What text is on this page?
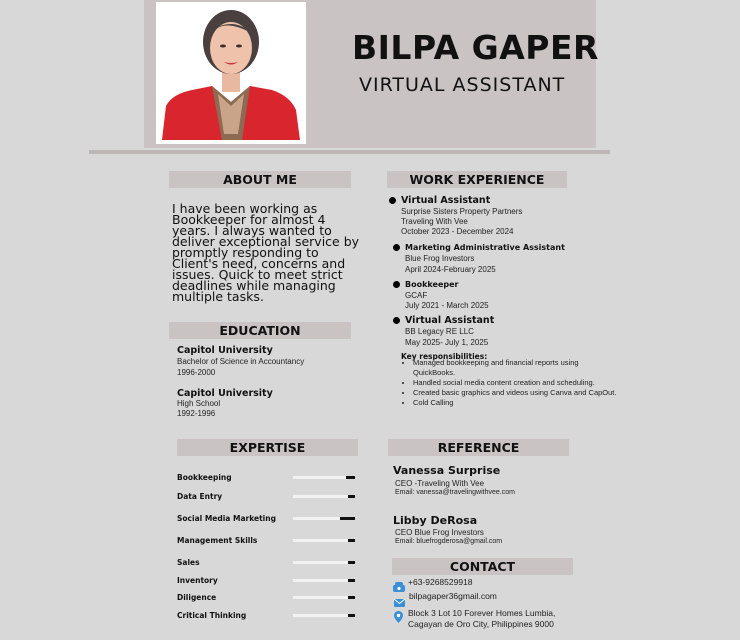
BILPA GAPER
VIRTUAL ASSISTANT
ABOUT ME
I have been working as Bookkeeper for almost 4 years. I always wanted to deliver exceptional service by promptly responding to Client's need, concerns and issues. Quick to meet strict deadlines while managing multiple tasks.
EDUCATION
Capitol University
Bachelor of Science in Accountancy
1996-2000
Capitol University
High School
1992-1996
EXPERTISE
Bookkeeping
Data Entry
Social Media Marketing
Management Skills
Sales
Inventory
Diligence
Critical Thinking
WORK EXPERIENCE
Virtual Assistant
Surprise Sisters Property Partners
Traveling With Vee
October 2023 - December 2024
Marketing Administrative Assistant
Blue Frog Investors
April 2024-February 2025
Bookkeeper
GCAF
July 2021 - March 2025
Virtual Assistant
BB Legacy RE LLC
May 2025- July 1, 2025
Key responsibilities:
• Managed bookkeeping and financial reports using QuickBooks.
• Handled social media content creation and scheduling.
• Created basic graphics and videos using Canva and CapOut.
• Cold Calling
REFERENCE
Vanessa Surprise
CEO -Traveling With Vee
Email: vanessa@travelingwithvee.com
Libby DeRosa
CEO Blue Frog Investors
Email: bluefrogderosa@gmail.com
CONTACT
+63-9268529918
bilpagaper36gmail.com
Block 3 Lot 10 Forever Homes Lumbia,
Cagayan de Oro City, Philippines 9000
